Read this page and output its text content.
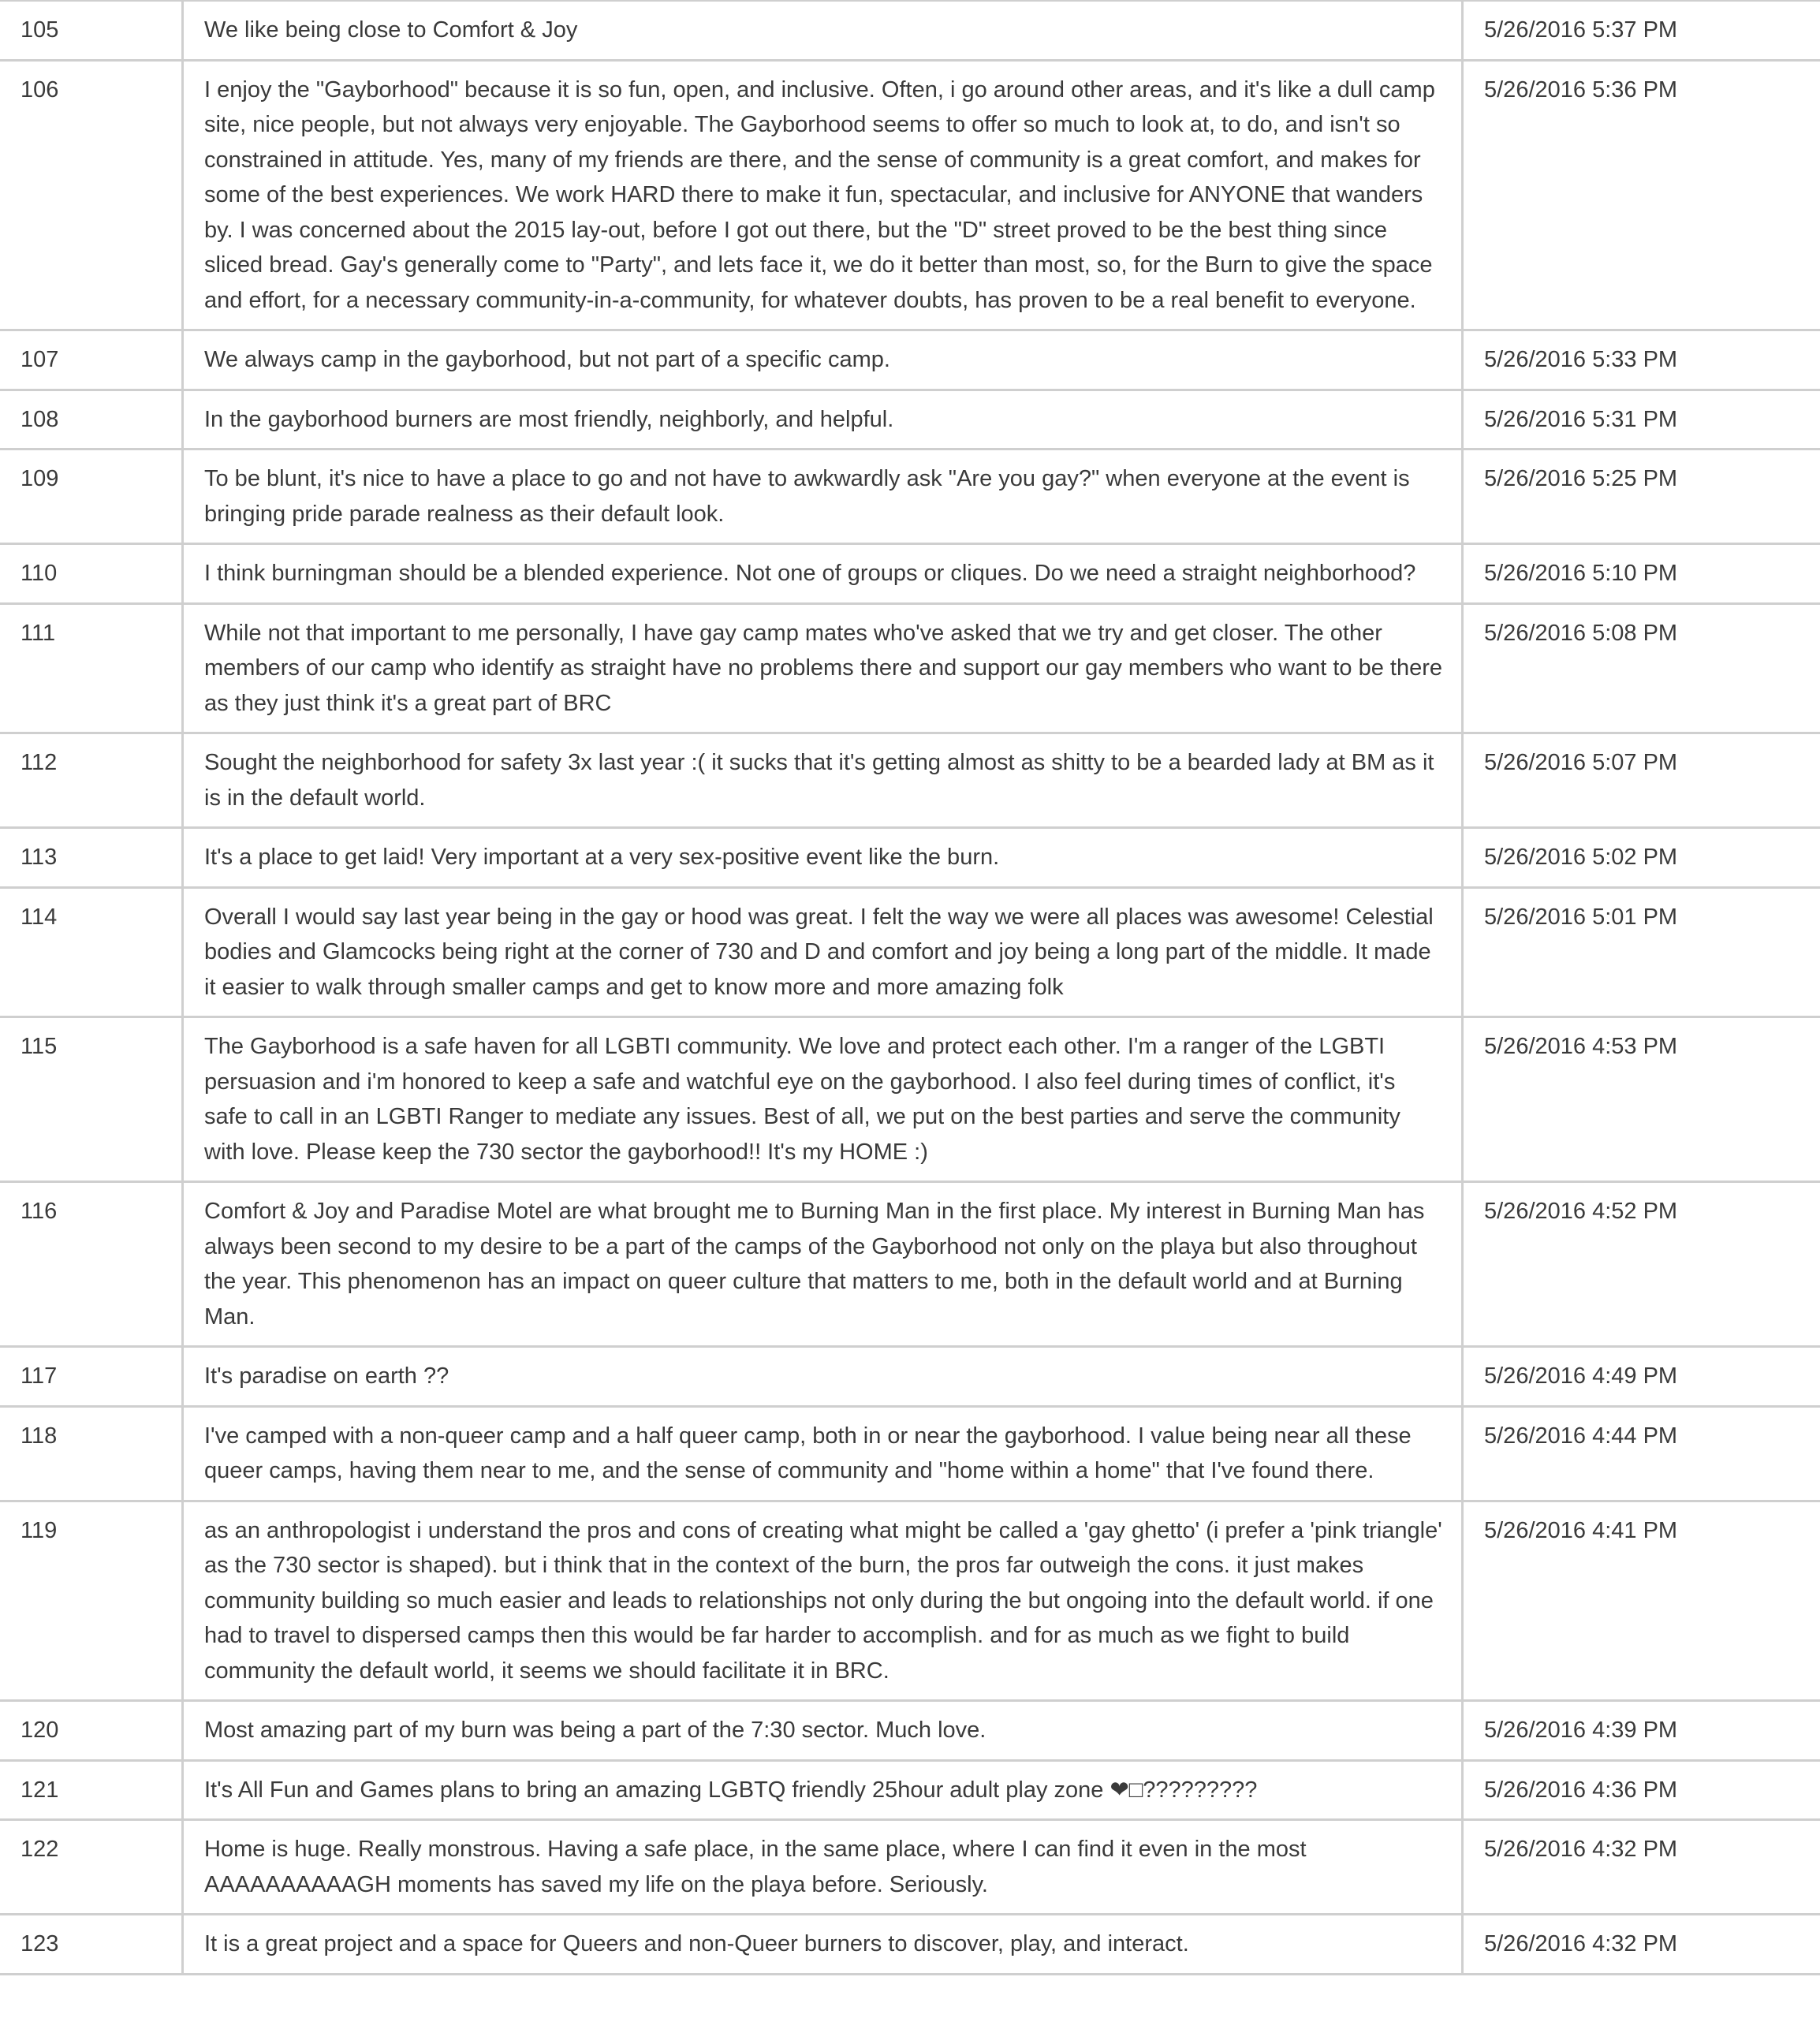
105	We like being close to Comfort & Joy	5/26/2016 5:37 PM
106	I enjoy the "Gayborhood" because it is so fun, open, and inclusive. Often, i go around other areas, and it's like a dull camp site, nice people, but not always very enjoyable. The Gayborhood seems to offer so much to look at, to do, and isn't so constrained in attitude. Yes, many of my friends are there, and the sense of community is a great comfort, and makes for some of the best experiences. We work HARD there to make it fun, spectacular, and inclusive for ANYONE that wanders by. I was concerned about the 2015 lay-out, before I got out there, but the "D" street proved to be the best thing since sliced bread. Gay's generally come to "Party", and lets face it, we do it better than most, so, for the Burn to give the space and effort, for a necessary community-in-a-community, for whatever doubts, has proven to be a real benefit to everyone.	5/26/2016 5:36 PM
107	We always camp in the gayborhood, but not part of a specific camp.	5/26/2016 5:33 PM
108	In the gayborhood burners are most friendly, neighborly, and helpful.	5/26/2016 5:31 PM
109	To be blunt, it's nice to have a place to go and not have to awkwardly ask "Are you gay?" when everyone at the event is bringing pride parade realness as their default look.	5/26/2016 5:25 PM
110	I think burningman should be a blended experience. Not one of groups or cliques. Do we need a straight neighborhood?	5/26/2016 5:10 PM
111	While not that important to me personally, I have gay camp mates who've asked that we try and get closer. The other members of our camp who identify as straight have no problems there and support our gay members who want to be there as they just think it's a great part of BRC	5/26/2016 5:08 PM
112	Sought the neighborhood for safety 3x last year :( it sucks that it's getting almost as shitty to be a bearded lady at BM as it is in the default world.	5/26/2016 5:07 PM
113	It's a place to get laid! Very important at a very sex-positive event like the burn.	5/26/2016 5:02 PM
114	Overall I would say last year being in the gay or hood was great. I felt the way we were all places was awesome! Celestial bodies and Glamcocks being right at the corner of 730 and D and comfort and joy being a long part of the middle. It made it easier to walk through smaller camps and get to know more and more amazing folk	5/26/2016 5:01 PM
115	The Gayborhood is a safe haven for all LGBTI community. We love and protect each other. I'm a ranger of the LGBTI persuasion and i'm honored to keep a safe and watchful eye on the gayborhood. I also feel during times of conflict, it's safe to call in an LGBTI Ranger to mediate any issues. Best of all, we put on the best parties and serve the community with love. Please keep the 730 sector the gayborhood!! It's my HOME :)	5/26/2016 4:53 PM
116	Comfort & Joy and Paradise Motel are what brought me to Burning Man in the first place. My interest in Burning Man has always been second to my desire to be a part of the camps of the Gayborhood not only on the playa but also throughout the year. This phenomenon has an impact on queer culture that matters to me, both in the default world and at Burning Man.	5/26/2016 4:52 PM
117	It's paradise on earth ??	5/26/2016 4:49 PM
118	I've camped with a non-queer camp and a half queer camp, both in or near the gayborhood. I value being near all these queer camps, having them near to me, and the sense of community and "home within a home" that I've found there.	5/26/2016 4:44 PM
119	as an anthropologist i understand the pros and cons of creating what might be called a 'gay ghetto' (i prefer a 'pink triangle' as the 730 sector is shaped). but i think that in the context of the burn, the pros far outweigh the cons. it just makes community building so much easier and leads to relationships not only during the but ongoing into the default world. if one had to travel to dispersed camps then this would be far harder to accomplish. and for as much as we fight to build community the default world, it seems we should facilitate it in BRC.	5/26/2016 4:41 PM
120	Most amazing part of my burn was being a part of the 7:30 sector. Much love.	5/26/2016 4:39 PM
121	It's All Fun and Games plans to bring an amazing LGBTQ friendly 25hour adult play zone ❤□?????????	5/26/2016 4:36 PM
122	Home is huge. Really monstrous. Having a safe place, in the same place, where I can find it even in the most AAAAAAAAAAGH moments has saved my life on the playa before. Seriously.	5/26/2016 4:32 PM
123	It is a great project and a space for Queers and non-Queer burners to discover, play, and interact.	5/26/2016 4:32 PM
